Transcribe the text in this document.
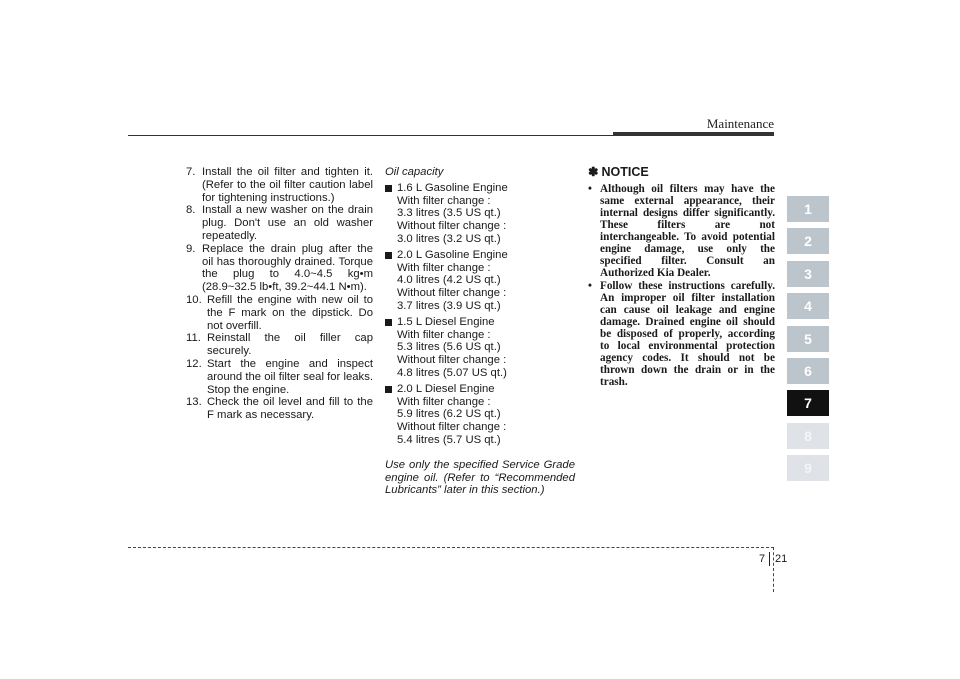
Maintenance
7. Install the oil filter and tighten it. (Refer to the oil filter caution label for tightening instructions.)
8. Install a new washer on the drain plug. Don't use an old washer repeatedly.
9. Replace the drain plug after the oil has thoroughly drained. Torque the plug to 4.0~4.5 kg•m (28.9~32.5 lb•ft, 39.2~44.1 N•m).
10. Refill the engine with new oil to the F mark on the dipstick. Do not overfill.
11. Reinstall the oil filler cap securely.
12. Start the engine and inspect around the oil filter seal for leaks. Stop the engine.
13. Check the oil level and fill to the F mark as necessary.
Oil capacity
1.6 L Gasoline Engine
With filter change :
3.3 litres (3.5 US qt.)
Without filter change :
3.0 litres (3.2 US qt.)
2.0 L Gasoline Engine
With filter change :
4.0 litres (4.2 US qt.)
Without filter change :
3.7 litres (3.9 US qt.)
1.5 L Diesel Engine
With filter change :
5.3 litres (5.6 US qt.)
Without filter change :
4.8 litres (5.07 US qt.)
2.0 L Diesel Engine
With filter change :
5.9 litres (6.2 US qt.)
Without filter change :
5.4 litres (5.7 US qt.)
Use only the specified Service Grade engine oil. (Refer to “Recommended Lubricants” later in this section.)
✽ NOTICE
• Although oil filters may have the same external appearance, their internal designs differ significantly. These filters are not interchangeable. To avoid potential engine damage, use only the specified filter. Consult an Authorized Kia Dealer.
• Follow these instructions carefully. An improper oil filter installation can cause oil leakage and engine damage. Drained engine oil should be disposed of properly, according to local environmental protection agency codes. It should not be thrown down the drain or in the trash.
1
2
3
4
5
6
7
8
9
7 21
